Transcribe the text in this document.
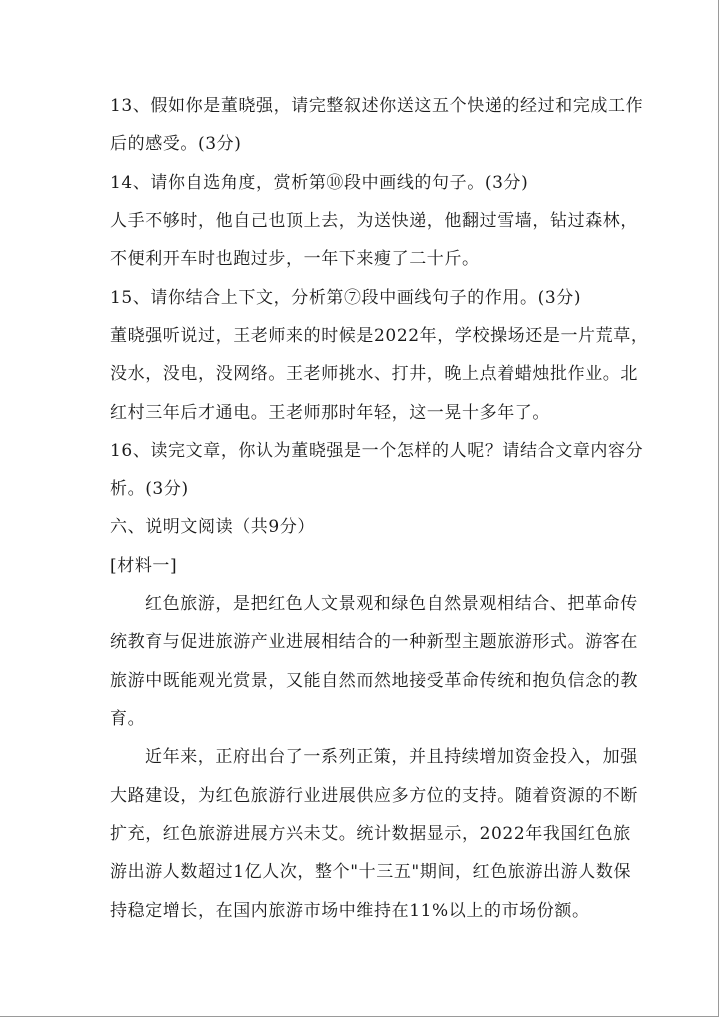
13、假如你是董晓强，请完整叙述你送这五个快递的经过和完成工作
后的感受。(3分)
14、请你自选角度，赏析第⑩段中画线的句子。(3分)
人手不够时，他自己也顶上去，为送快递，他翻过雪墙，钻过森林，
不便利开车时也跑过步，一年下来瘦了二十斤。
15、请你结合上下文，分析第⑦段中画线句子的作用。(3分)
董晓强听说过，王老师来的时候是2022年，学校操场还是一片荒草，
没水，没电，没网络。王老师挑水、打井，晚上点着蜡烛批作业。北
红村三年后才通电。王老师那时年轻，这一晃十多年了。
16、读完文章，你认为董晓强是一个怎样的人呢？请结合文章内容分
析。(3分)
六、说明文阅读（共9分）
[材料一]
红色旅游，是把红色人文景观和绿色自然景观相结合、把革命传
统教育与促进旅游产业进展相结合的一种新型主题旅游形式。游客在
旅游中既能观光赏景，又能自然而然地接受革命传统和抱负信念的教
育。
近年来，正府出台了一系列正策，并且持续增加资金投入，加强
大路建设，为红色旅游行业进展供应多方位的支持。随着资源的不断
扩充，红色旅游进展方兴未艾。统计数据显示，2022年我国红色旅
游出游人数超过1亿人次，整个"十三五"期间，红色旅游出游人数保
持稳定增长，在国内旅游市场中维持在11%以上的市场份额。
